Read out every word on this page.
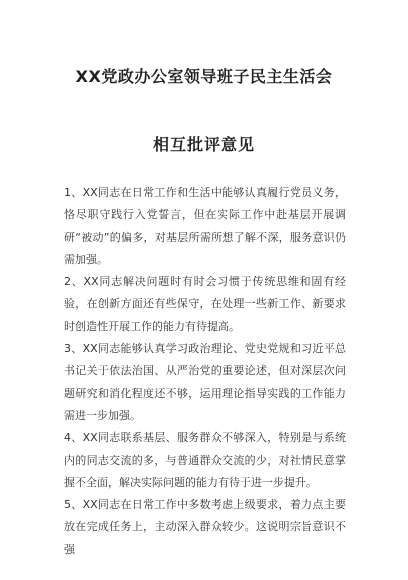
XX党政办公室领导班子民主生活会
相互批评意见

1、XX同志在日常工作和生活中能够认真履行党员义务，恪尽职守践行入党誓言，但在实际工作中赴基层开展调研“被动”的偏多，对基层所需所想了解不深，服务意识仍需加强。

2、XX同志解决问题时有时会习惯于传统思维和固有经验，在创新方面还有些保守，在处理一些新工作、新要求时创造性开展工作的能力有待提高。

3、XX同志能够认真学习政治理论、党史党规和习近平总书记关于依法治国、从严治党的重要论述，但对深层次问题研究和消化程度还不够，运用理论指导实践的工作能力需进一步加强。

4、XX同志联系基层、服务群众不够深入，特别是与系统内的同志交流的多，与普通群众交流的少，对社情民意掌握不全面，解决实际问题的能力有待于进一步提升。

5、XX同志在日常工作中多数考虑上级要求，着力点主要放在完成任务上，主动深入群众较少。这说明宗旨意识不强
